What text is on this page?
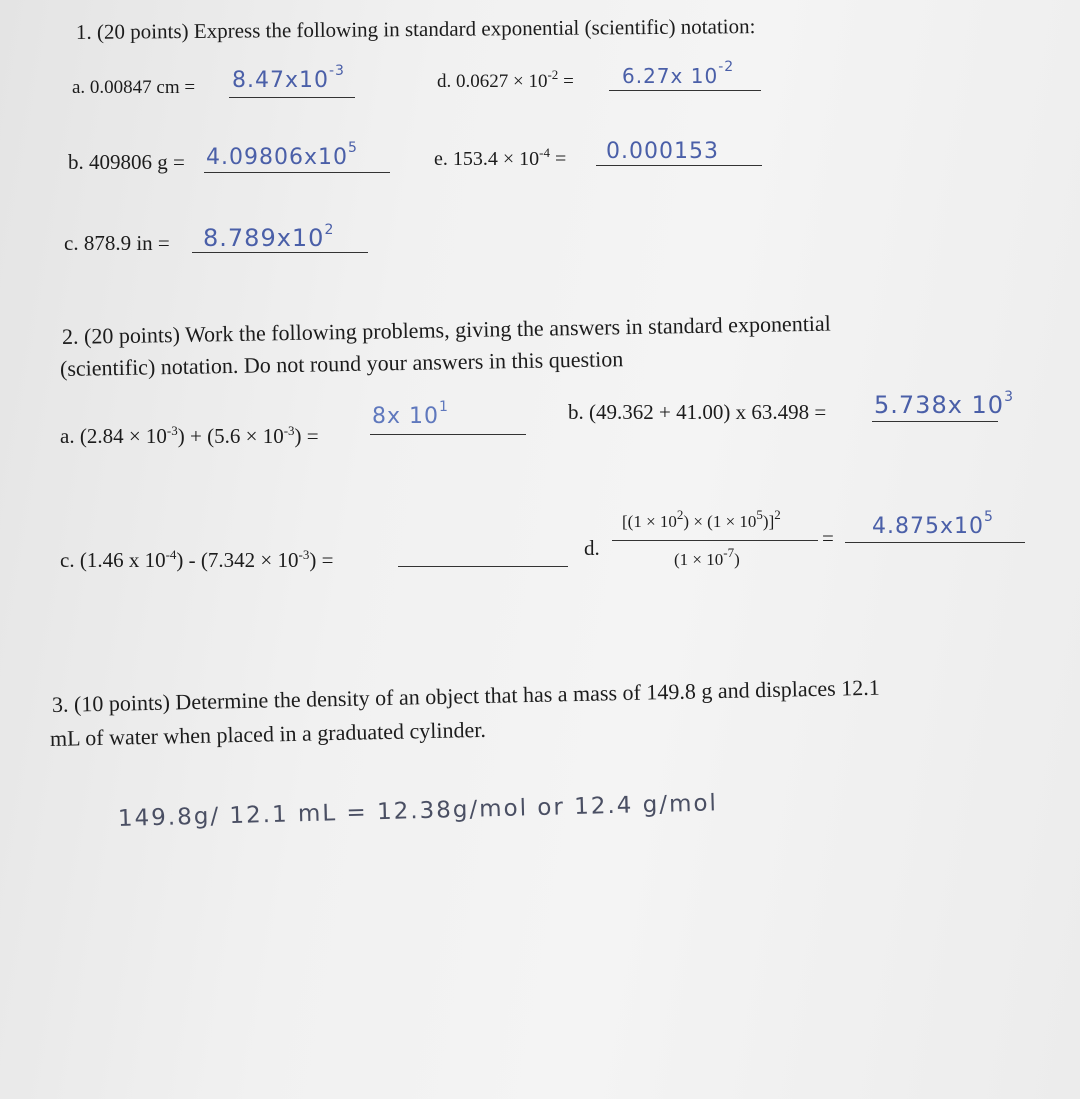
1. (20 points) Express the following in standard exponential (scientific) notation:
a. 0.00847 cm = $8.47x10^{-3}$	d. $0.0627 \times 10^{-2} = 6.27x$ $10^{-2}$
b. 409806 $g = 4.09806x10^5$	e. $153.4 \times 10^{-4} = 0.000153$
c. 878.9 in = $8.789x10^2$
2. (20 points) Work the following problems, giving the answers in standard exponential
(scientific) notation. Do not round your answers in this question
a. $(2.84 \times 10^{-3}) + (5.6 \times 10^{-3})$ =
8x $10^1$	b. (49.362 + 41.00) x 63.498 = 5.738x $10^3$
c. (1.46 x $10^{-4}) - (7.342 \times 10^{-3})$ =	d.
$[(1 \times 10^2) \times (1 \times 10^5)]^2$
$(1 \times 10^{-7})$
= $4.875x10^5$
3. (10 points) Determine the density of an object that has a mass of 149.8 g and displaces 12.1
mL of water when placed in a graduated cylinder.
149.8g/ 12.1 mL = 12.38g/mol or 12.4 g/mol
